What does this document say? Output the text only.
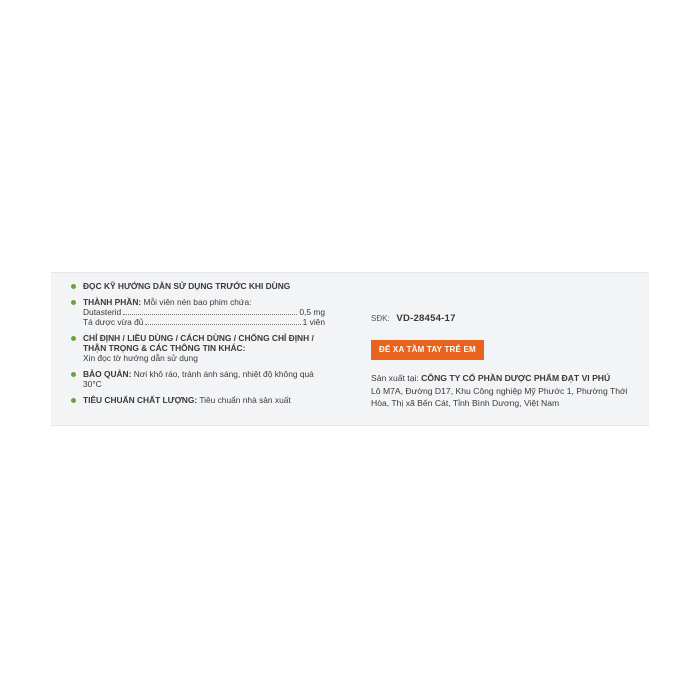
ĐỌC KỸ HƯỚNG DẪN SỬ DỤNG TRƯỚC KHI DÙNG
THÀNH PHẦN: Mỗi viên nén bao phim chứa:
Dutasterid	0,5 mg
Tá dược vừa đủ	1 viên
CHỈ ĐỊNH / LIỀU DÙNG / CÁCH DÙNG / CHỐNG CHỈ ĐỊNH / THẬN TRỌNG & CÁC THÔNG TIN KHÁC:
Xin đọc tờ hướng dẫn sử dụng
BẢO QUẢN: Nơi khô ráo, tránh ánh sáng, nhiệt độ không quá 30°C
TIÊU CHUẨN CHẤT LƯỢNG: Tiêu chuẩn nhà sản xuất
SĐK: VD-28454-17
ĐỂ XA TẦM TAY TRẺ EM
Sản xuất tại: CÔNG TY CỔ PHẦN DƯỢC PHẨM ĐẠT VI PHÚ
Lô M7A, Đường D17, Khu Công nghiệp Mỹ Phước 1, Phường Thới Hòa, Thị xã Bến Cát, Tỉnh Bình Dương, Việt Nam
